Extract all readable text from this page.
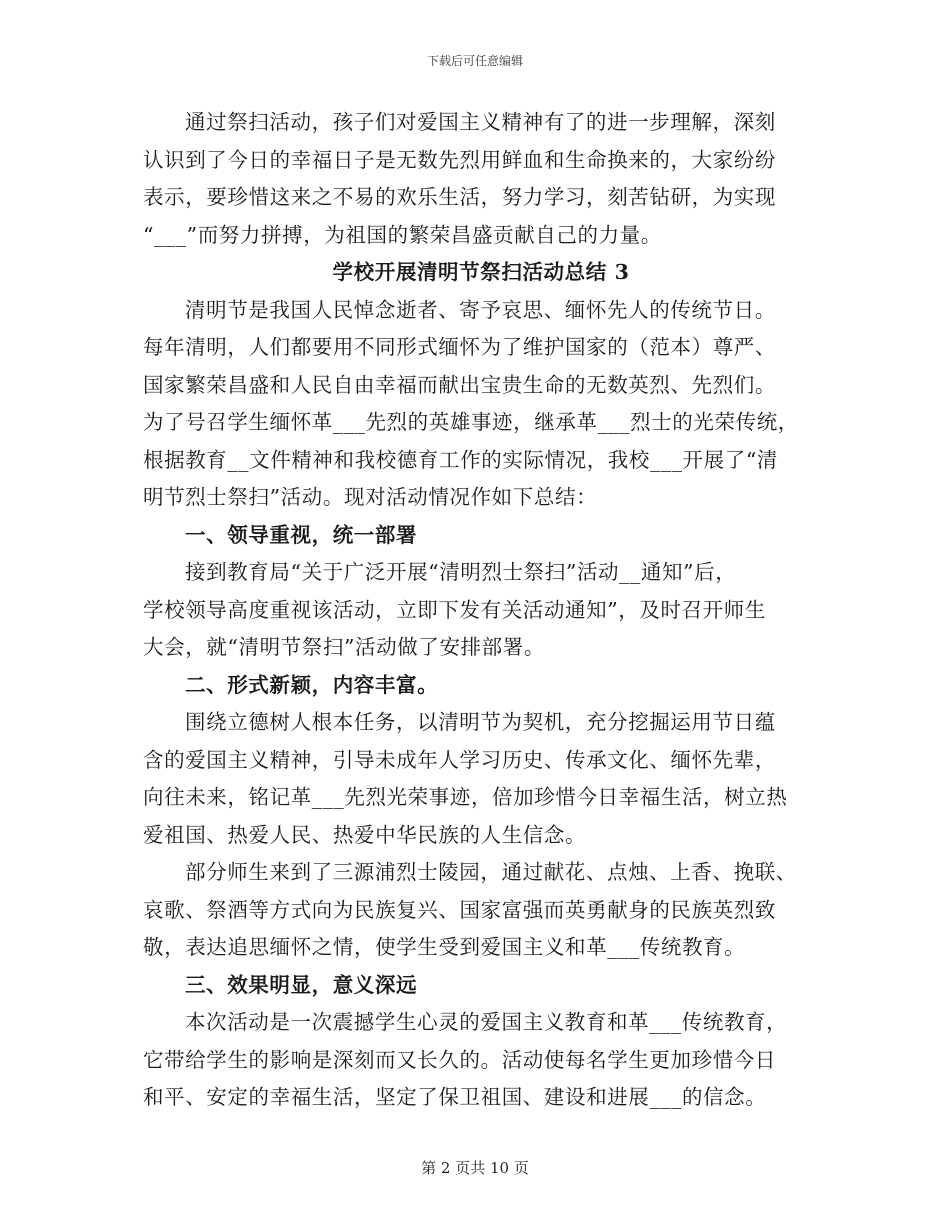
下载后可任意编辑
通过祭扫活动，孩子们对爱国主义精神有了的进一步理解，深刻
认识到了今日的幸福日子是无数先烈用鲜血和生命换来的，大家纷纷
表示，要珍惜这来之不易的欢乐生活，努力学习，刻苦钻研，为实现
“___”而努力拼搏，为祖国的繁荣昌盛贡献自己的力量。
学校开展清明节祭扫活动总结 3
清明节是我国人民悼念逝者、寄予哀思、缅怀先人的传统节日。
每年清明，人们都要用不同形式缅怀为了维护国家的（范本）尊严、
国家繁荣昌盛和人民自由幸福而献出宝贵生命的无数英烈、先烈们。
为了号召学生缅怀革___先烈的英雄事迹，继承革___烈士的光荣传统，
根据教育__文件精神和我校德育工作的实际情况，我校___开展了“清
明节烈士祭扫”活动。现对活动情况作如下总结：
一、领导重视，统一部署
接到教育局“关于广泛开展“清明烈士祭扫”活动__通知”后，
学校领导高度重视该活动，立即下发有关活动通知”，及时召开师生
大会，就“清明节祭扫”活动做了安排部署。
二、形式新颖，内容丰富。
围绕立德树人根本任务，以清明节为契机，充分挖掘运用节日蕴
含的爱国主义精神，引导未成年人学习历史、传承文化、缅怀先辈，
向往未来，铭记革___先烈光荣事迹，倍加珍惜今日幸福生活，树立热
爱祖国、热爱人民、热爱中华民族的人生信念。
部分师生来到了三源浦烈士陵园，通过献花、点烛、上香、挽联、
哀歌、祭酒等方式向为民族复兴、国家富强而英勇献身的民族英烈致
敬，表达追思缅怀之情，使学生受到爱国主义和革___传统教育。
三、效果明显，意义深远
本次活动是一次震撼学生心灵的爱国主义教育和革___传统教育，
它带给学生的影响是深刻而又长久的。活动使每名学生更加珍惜今日
和平、安定的幸福生活，坚定了保卫祖国、建设和进展___的信念。
第 2 页共 10 页
